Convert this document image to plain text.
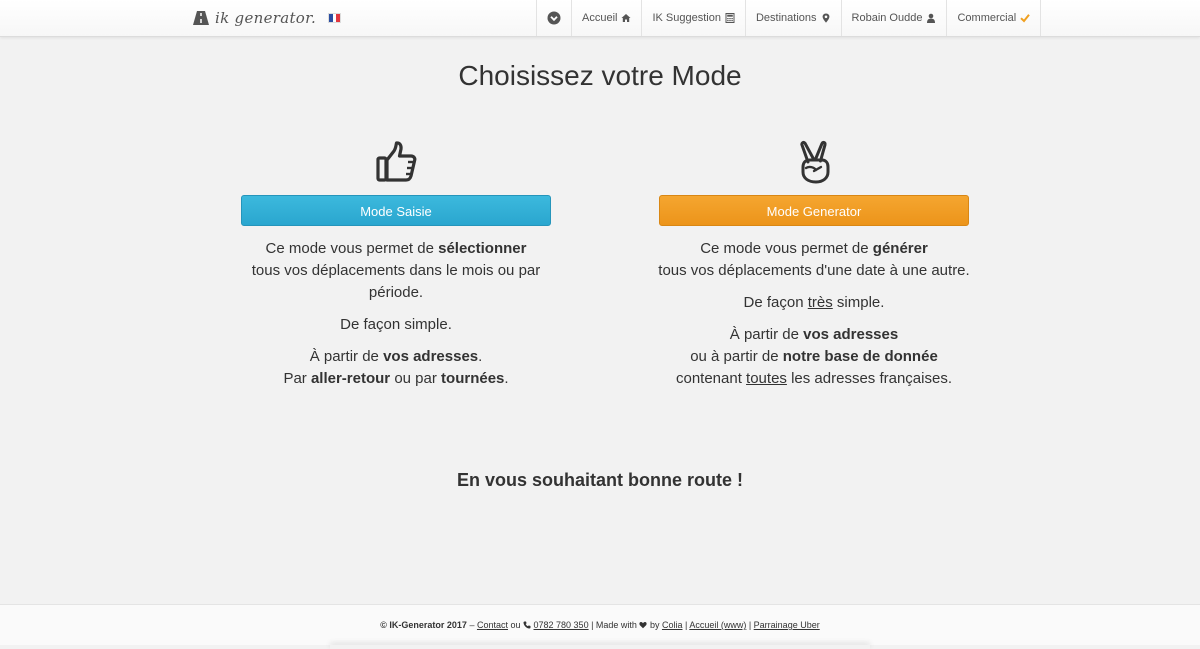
ik generator.	Accueil	IK Suggestion	Destinations	Robain Oudde	Commercial
Choisissez votre Mode
Mode Saisie

Ce mode vous permet de sélectionner
tous vos déplacements dans le mois ou par période.

De façon simple.

À partir de vos adresses.
Par aller-retour ou par tournées.

Mode Generator

Ce mode vous permet de générer
tous vos déplacements d'une date à une autre.

De façon très simple.

À partir de vos adresses
ou à partir de notre base de donnée
contenant toutes les adresses françaises.

En vous souhaitant bonne route !
© IK-Generator 2017 – Contact ou  0782 780 350 | Made with  by Colia | Accueil (www) | Parrainage Uber
